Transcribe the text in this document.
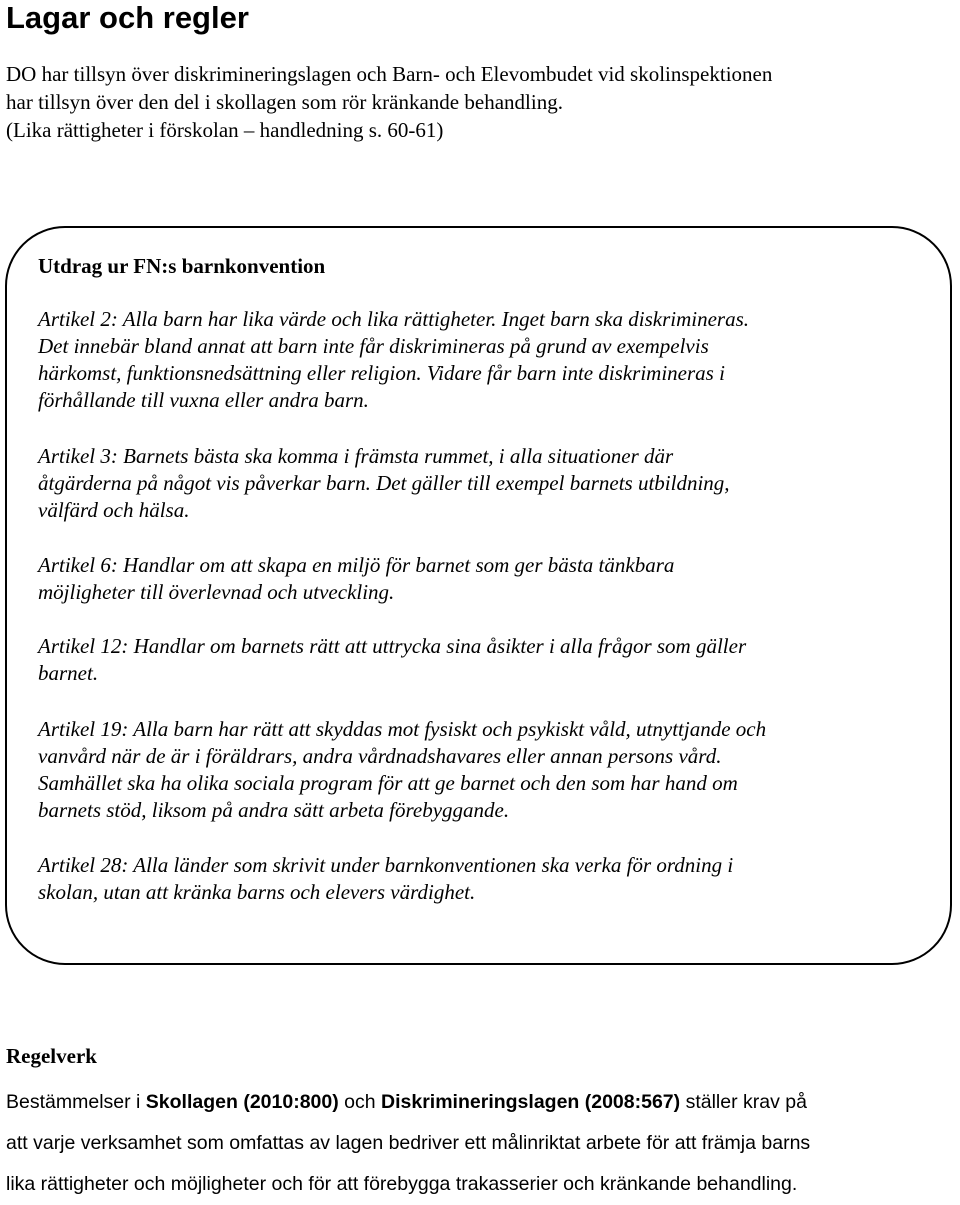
Lagar och regler

DO har tillsyn över diskrimineringslagen och Barn- och Elevombudet vid skolinspektionen
har tillsyn över den del i skollagen som rör kränkande behandling.
(Lika rättigheter i förskolan – handledning s. 60-61)

Utdrag ur FN:s barnkonvention

Artikel 2: Alla barn har lika värde och lika rättigheter. Inget barn ska diskrimineras.
Det innebär bland annat att barn inte får diskrimineras på grund av exempelvis
härkomst, funktionsnedsättning eller religion. Vidare får barn inte diskrimineras i
förhållande till vuxna eller andra barn.

Artikel 3: Barnets bästa ska komma i främsta rummet, i alla situationer där
åtgärderna på något vis påverkar barn. Det gäller till exempel barnets utbildning,
välfärd och hälsa.

Artikel 6: Handlar om att skapa en miljö för barnet som ger bästa tänkbara
möjligheter till överlevnad och utveckling.

Artikel 12: Handlar om barnets rätt att uttrycka sina åsikter i alla frågor som gäller
barnet.

Artikel 19: Alla barn har rätt att skyddas mot fysiskt och psykiskt våld, utnyttjande och
vanvård när de är i föräldrars, andra vårdnadshavares eller annan persons vård.
Samhället ska ha olika sociala program för att ge barnet och den som har hand om
barnets stöd, liksom på andra sätt arbeta förebyggande.

Artikel 28: Alla länder som skrivit under barnkonventionen ska verka för ordning i
skolan, utan att kränka barns och elevers värdighet.

Regelverk

Bestämmelser i Skollagen (2010:800) och Diskrimineringslagen (2008:567) ställer krav på
att varje verksamhet som omfattas av lagen bedriver ett målinriktat arbete för att främja barns
lika rättigheter och möjligheter och för att förebygga trakasserier och kränkande behandling.
